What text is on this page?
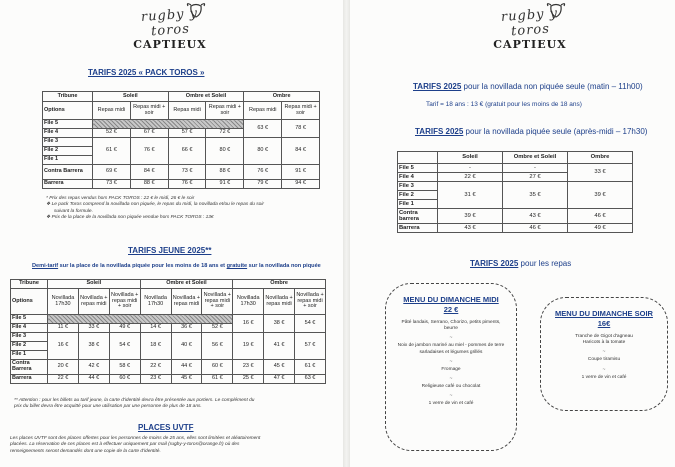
rugby y toros
CAPTIEUX
TARIFS 2025 « PACK TOROS »
Tribune	Soleil		Ombre et Soleil		Ombre	
Options	Repas midi	Repas midi + soir	Repas midi	Repas midi + soir	Repas midi	Repas midi + soir
File 5					63 €	78 €
File 4	52 €	67 €	57 €	72 €		
File 3	61 €	76 €	66 €	80 €	80 €	84 €
File 2						
File 1						
Contra Barrera	69 €	84 €	73 €	88 €	76 €	91 €
Barrera	73 €	88 €	76 €	91 €	79 €	94 €
* Prix des repas vendus hors PACK TOROS : 22 € le midi, 26 € le soir
❖ Le pack Toros comprend la novillada non piquée, le repas du midi, la novillada et/ou le repas du soir
suivant la formule.
❖ Prix de la place de la novillada non piquée vendue hors PACK TOROS : 13€
TARIFS JEUNE 2025**
Demi-tarif sur la place de la novillada piquée pour les moins de 18 ans et gratuite sur la novillada non piquée
Tribune	Soleil			Ombre et Soleil			Ombre		
Options	Novillada 17h30	Novillada + repas midi	Novillada + repas midi + soir	Novillada 17h30	Novillada + repas midi	Novillada + repas midi + soir	Novillada 17h30	Novillada + repas midi	Novillada + repas midi + soir
File 5							16 €	38 €	54 €
File 4	11 €	33 €	49 €	14 €	36 €	52 €			
File 3	16 €	38 €	54 €	18 €	40 €	56 €	19 €	41 €	57 €
File 2									
File 1									
Contra Barrera	20 €	42 €	58 €	22 €	44 €	60 €	23 €	45 €	61 €
Barrera	22 €	44 €	60 €	23 €	45 €	61 €	25 €	47 €	63 €
** Attention : pour les billets au tarif jeune, la carte d'identité devra être présentée aux portiers. Le complément du
prix du billet devra être acquitté pour une utilisation par une personne de plus de 18 ans.
PLACES UVTF
Les places UVTF sont des places offertes pour les personnes de moins de 25 ans, elles sont limitées et aléatoirement
placées. La réservation de ces places est à effectuer uniquement par mail (rugby-y-toros@orange.fr) où des
renseignements seront demandés dont une copie de la carte d'identité.
rugby y toros
CAPTIEUX
TARIFS 2025 pour la novillada non piquée seule (matin – 11h00)
Tarif = 18 ans : 13 € (gratuit pour les moins de 18 ans)
TARIFS 2025 pour la novillada piquée seule (après-midi – 17h30)
	Soleil	Ombre et Soleil	Ombre
File 5	-	-	33 €
File 4	22 €	27 €	
File 3	31 €	35 €	39 €
File 2			
File 1			
Contra barrera	39 €	43 €	46 €
Barrera	43 €	46 €	49 €
TARIFS 2025 pour les repas
MENU DU DIMANCHE MIDI
22 €
Pâté landais, Serrano, Chorizo, petits piments, beurre
~
Noix de jambon mariné au miel - pommes de terre sarladaises et légumes grillés
~
Fromage
~
Religieuse café ou chocolat
~
1 verre de vin et café
MENU DU DIMANCHE SOIR
16€
Tranche de Gigot d'agneau
Haricots à la tomate
~
Coupe tiramisu
~
1 verre de vin et café
